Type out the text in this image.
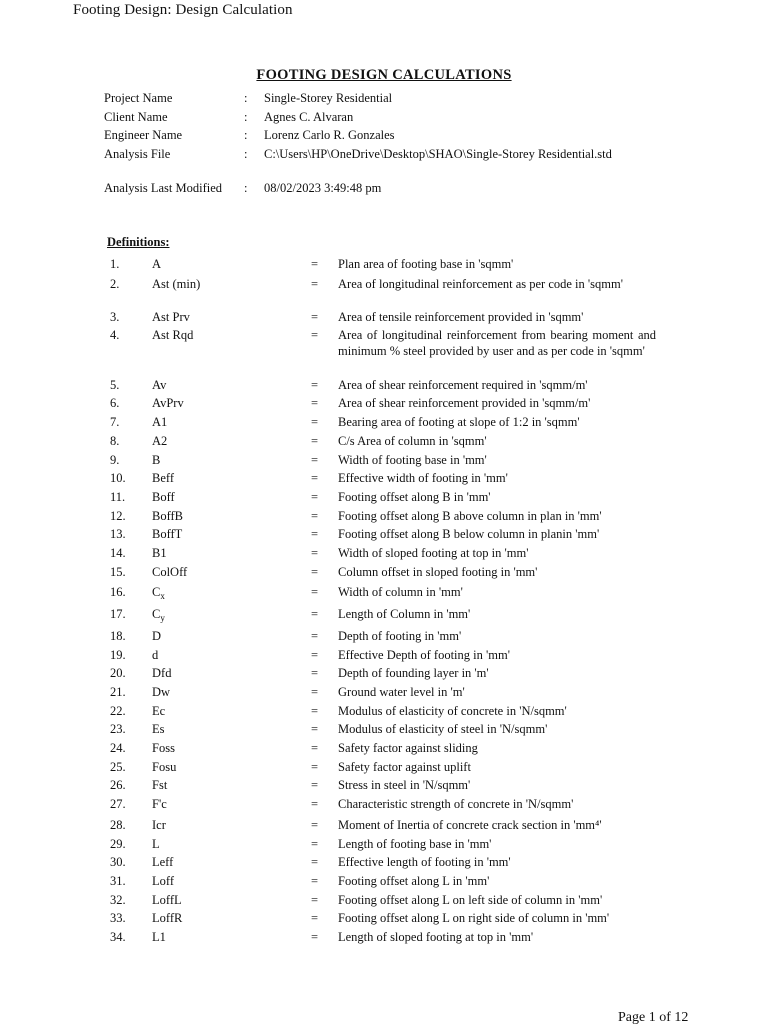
Footing Design: Design Calculation
FOOTING DESIGN CALCULATIONS
Project Name	: Single-Storey Residential
Client Name	: Agnes C. Alvaran
Engineer Name	: Lorenz Carlo R. Gonzales
Analysis File	: C:\Users\HP\OneDrive\Desktop\SHAO\Single-Storey Residential.std
Analysis Last Modified : 08/02/2023 3:49:48 pm
Definitions:
1.	A	= Plan area of footing base in 'sqmm'
2.	Ast (min)	= Area of longitudinal reinforcement as per code in 'sqmm'
3.	Ast Prv	= Area of tensile reinforcement provided in 'sqmm'
4.	Ast Rqd	= Area of longitudinal reinforcement from bearing moment and minimum % steel provided by user and as per code in 'sqmm'
5.	Av	= Area of shear reinforcement required in 'sqmm/m'
6.	AvPrv	= Area of shear reinforcement provided in 'sqmm/m'
7.	A1	= Bearing area of footing at slope of 1:2 in 'sqmm'
8.	A2	= C/s Area of column in 'sqmm'
9.	B	= Width of footing base in 'mm'
10. Beff	= Effective width of footing in 'mm'
11. Boff	= Footing offset along B in 'mm'
12. BoffB	= Footing offset along B above column in plan in 'mm'
13. BoffT	= Footing offset along B below column in planin 'mm'
14. B1	= Width of sloped footing at top in 'mm'
15. ColOff	= Column offset in sloped footing in 'mm'
16. $C_x$	= Width of column in 'mm'
17. $C_y$	= Length of Column in 'mm'
18. D	= Depth of footing in 'mm'
19. d	= Effective Depth of footing in 'mm'
20. Dfd	= Depth of founding layer in 'm'
21. Dw	= Ground water level in 'm'
22. Ec	= Modulus of elasticity of concrete in 'N/sqmm'
23. Es	= Modulus of elasticity of steel in 'N/sqmm'
24. Foss	= Safety factor against sliding
25. Fosu	= Safety factor against uplift
26. Fst	= Stress in steel in 'N/sqmm'
27. F'c	= Characteristic strength of concrete in 'N/sqmm'
28. Icr	= Moment of Inertia of concrete crack section in 'mm⁴'
29. L	= Length of footing base in 'mm'
30. Leff	= Effective length of footing in 'mm'
31. Loff	= Footing offset along L in 'mm'
32. LoffL	= Footing offset along L on left side of column in 'mm'
33. LoffR	= Footing offset along L on right side of column in 'mm'
34. L1	= Length of sloped footing at top in 'mm'
Page 1 of 12
